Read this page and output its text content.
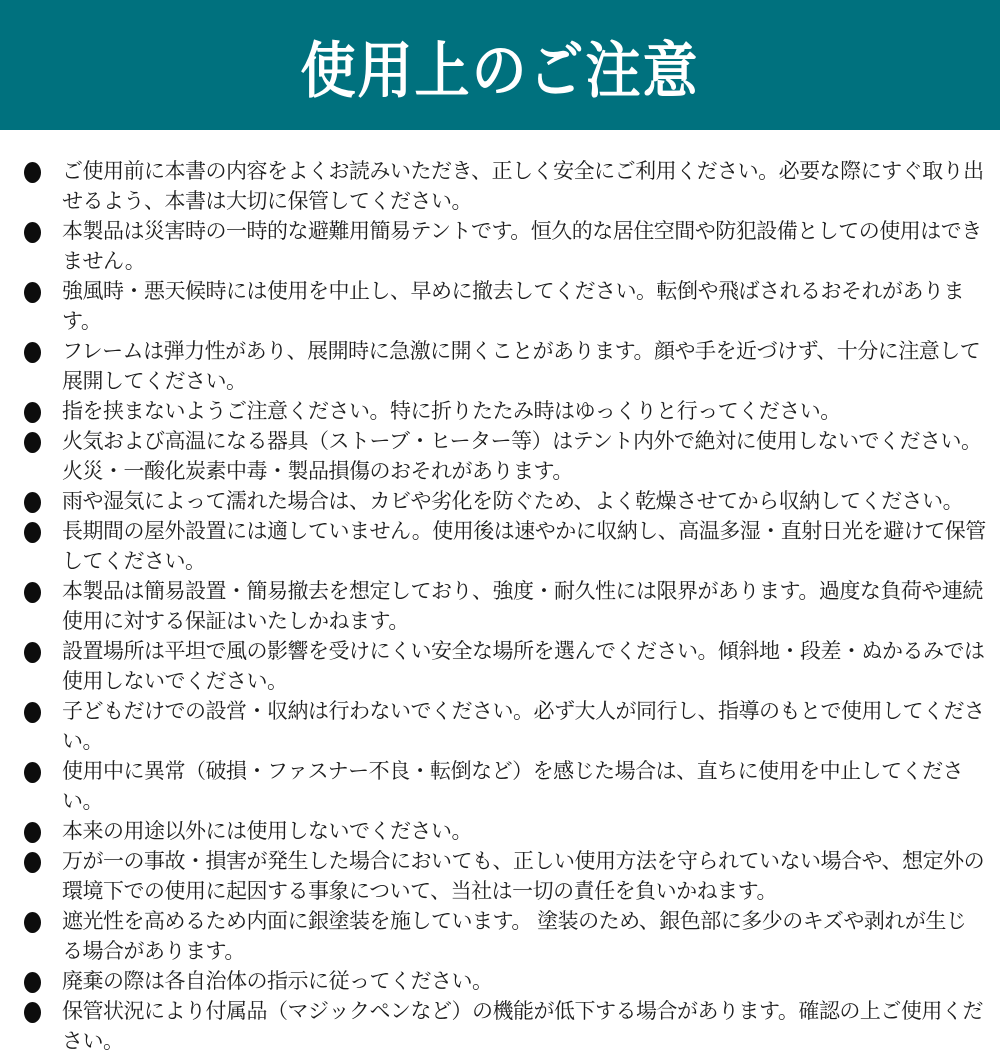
使用上のご注意
ご使用前に本書の内容をよくお読みいただき、正しく安全にご利用ください。必要な際にすぐ取り出せるよう、本書は大切に保管してください。
本製品は災害時の一時的な避難用簡易テントです。恒久的な居住空間や防犯設備としての使用はできません。
強風時・悪天候時には使用を中止し、早めに撤去してください。転倒や飛ばされるおそれがあります。
フレームは弾力性があり、展開時に急激に開くことがあります。顔や手を近づけず、十分に注意して展開してください。
指を挟まないようご注意ください。特に折りたたみ時はゆっくりと行ってください。
火気および高温になる器具（ストーブ・ヒーター等）はテント内外で絶対に使用しないでください。火災・一酸化炭素中毒・製品損傷のおそれがあります。
雨や湿気によって濡れた場合は、カビや劣化を防ぐため、よく乾燥させてから収納してください。
長期間の屋外設置には適していません。使用後は速やかに収納し、高温多湿・直射日光を避けて保管してください。
本製品は簡易設置・簡易撤去を想定しており、強度・耐久性には限界があります。過度な負荷や連続使用に対する保証はいたしかねます。
設置場所は平坦で風の影響を受けにくい安全な場所を選んでください。傾斜地・段差・ぬかるみでは使用しないでください。
子どもだけでの設営・収納は行わないでください。必ず大人が同行し、指導のもとで使用してください。
使用中に異常（破損・ファスナー不良・転倒など）を感じた場合は、直ちに使用を中止してください。
本来の用途以外には使用しないでください。
万が一の事故・損害が発生した場合においても、正しい使用方法を守られていない場合や、想定外の環境下での使用に起因する事象について、当社は一切の責任を負いかねます。
遮光性を高めるため内面に銀塗装を施しています。 塗装のため、銀色部に多少のキズや剥れが生じる場合があります。
廃棄の際は各自治体の指示に従ってください。
保管状況により付属品（マジックペンなど）の機能が低下する場合があります。確認の上ご使用ください。
